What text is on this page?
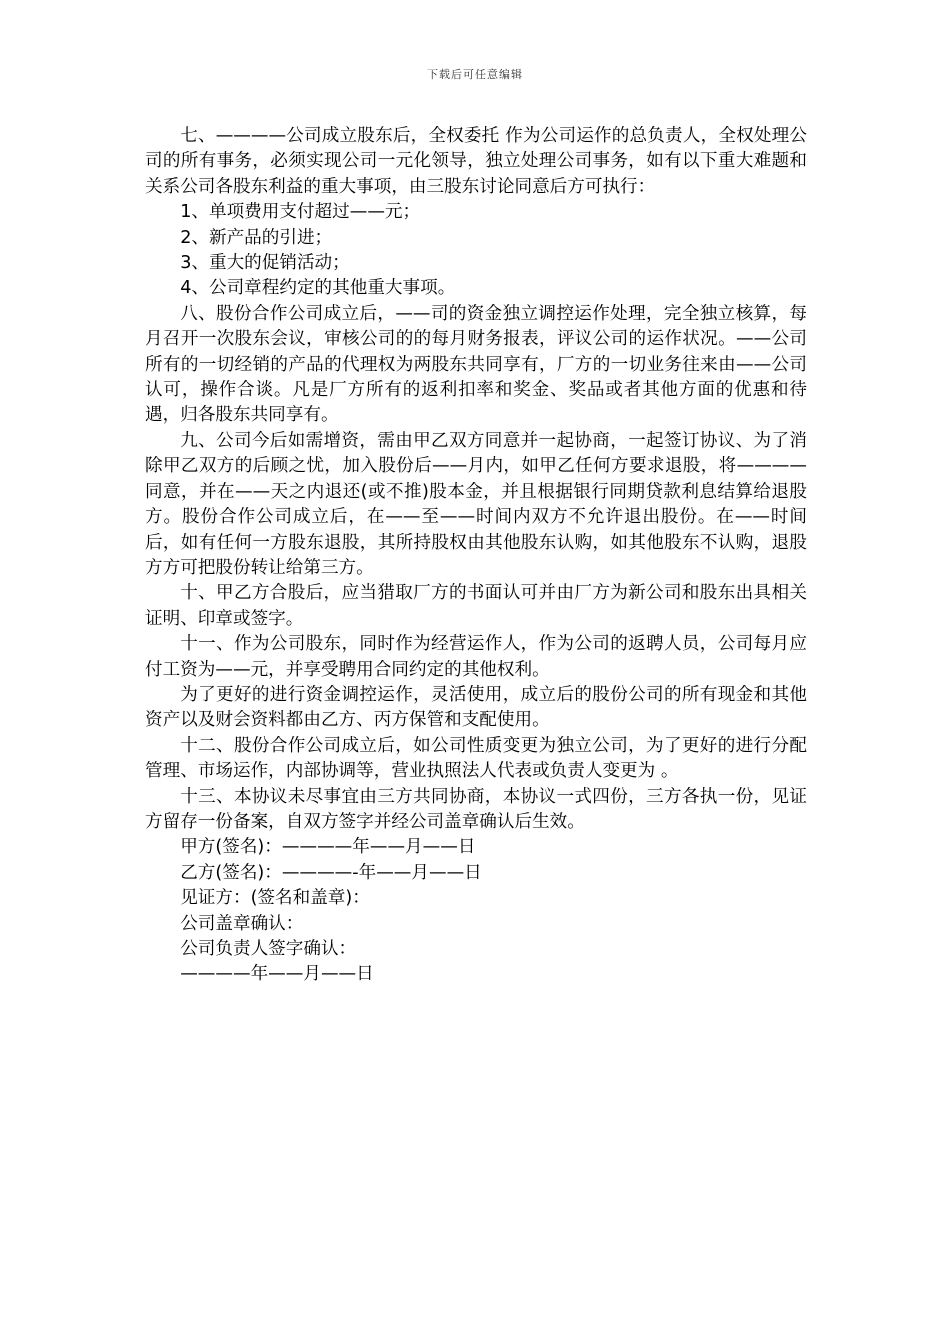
下载后可任意编辑

七、————公司成立股东后，全权委托 作为公司运作的总负责人，全权处理公司的所有事务，必须实现公司一元化领导，独立处理公司事务，如有以下重大难题和关系公司各股东利益的重大事项，由三股东讨论同意后方可执行：

1、单项费用支付超过——元；

2、新产品的引进；

3、重大的促销活动；

4、公司章程约定的其他重大事项。

八、股份合作公司成立后，——司的资金独立调控运作处理，完全独立核算，每月召开一次股东会议，审核公司的的每月财务报表，评议公司的运作状况。——公司所有的一切经销的产品的代理权为两股东共同享有，厂方的一切业务往来由——公司认可，操作合谈。凡是厂方所有的返利扣率和奖金、奖品或者其他方面的优惠和待遇，归各股东共同享有。

九、公司今后如需增资，需由甲乙双方同意并一起协商，一起签订协议、为了消除甲乙双方的后顾之忧，加入股份后——月内，如甲乙任何方要求退股，将————同意，并在——天之内退还(或不推)股本金，并且根据银行同期贷款利息结算给退股方。股份合作公司成立后，在——至——时间内双方不允许退出股份。在——时间后，如有任何一方股东退股，其所持股权由其他股东认购，如其他股东不认购，退股方方可把股份转让给第三方。

十、甲乙方合股后，应当猎取厂方的书面认可并由厂方为新公司和股东出具相关证明、印章或签字。

十一、作为公司股东，同时作为经营运作人，作为公司的返聘人员，公司每月应付工资为——元，并享受聘用合同约定的其他权利。

为了更好的进行资金调控运作，灵活使用，成立后的股份公司的所有现金和其他资产以及财会资料都由乙方、丙方保管和支配使用。

十二、股份合作公司成立后，如公司性质变更为独立公司，为了更好的进行分配管理、市场运作，内部协调等，营业执照法人代表或负责人变更为 。

十三、本协议未尽事宜由三方共同协商，本协议一式四份，三方各执一份，见证方留存一份备案，自双方签字并经公司盖章确认后生效。

甲方(签名)：————年——月——日

乙方(签名)：————-年——月——日

见证方：(签名和盖章)：

公司盖章确认：

公司负责人签字确认：

————年——月——日
